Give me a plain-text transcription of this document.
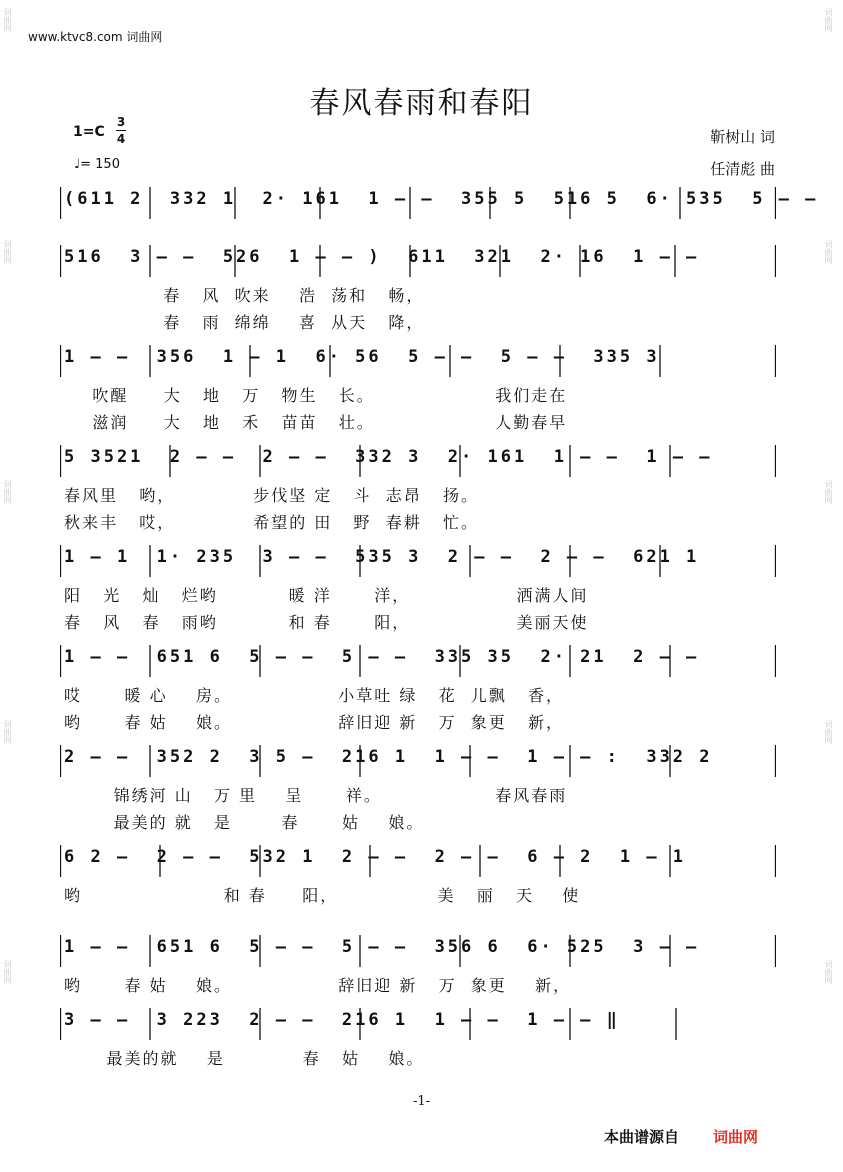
词曲网
词曲网
词曲网
词曲网
词曲网
词曲网
词曲网
词曲网
词曲网
词曲网
www.ktvc8.com 词曲网
春风春雨和春阳
1=C
3
4
♩= 150
靳树山 词
任清彪 曲
(611 2  332 1  2· 161  1 – –  355 5  516 5  6· 535  5 – –
516  3 – –  526  1 – – )  611  321  2· 16  1 – –
春   风  吹来    浩  荡和   畅，
春   雨  绵绵    喜  从天   降，
1 – –  356  1 – 1  6· 56  5 – –  5 – –  335 3
吹醒     大   地   万   物生   长。                 我们走在
滋润     大   地   禾   苗苗   壮。                 人勤春早
5 3521  2 – –  2 – –  332 3  2· 161  1 – –  1 – –
春风里   哟，           步伐坚 定   斗  志昂   扬。
秋来丰   哎，           希望的 田   野  春耕   忙。
1 – 1  1· 235  3 – –  535 3  2 – –  2 – –  621 1
阳   光   灿   烂哟          暖 洋      洋，               洒满人间
春   风   春   雨哟          和 春      阳，               美丽天使
1 – –  651 6  5 – –  5 – –  335 35  2· 21  2 – –
哎      暖 心    房。               小草吐 绿   花  儿飘   香，
哟      春 姑    娘。               辞旧迎 新   万  象更   新，
2 – –  352 2  3 5 –  216 1  1 – –  1 – – :  332 2
锦绣河 山   万 里    呈      祥。                春风春雨
最美的 就   是       春      姑    娘。
6 2 –  2 – –  532 1  2 – –  2 – –  6 – 2  1 – 1
哟                    和 春     阳，              美   丽   天    使
1 – –  651 6  5 – –  5 – –  356 6  6· 525  3 – –
哟      春 姑    娘。               辞旧迎 新   万  象更    新，
3 – –  3 223  2 – –  216 1  1 – –  1 – – ‖
最美的就    是           春   姑    娘。
-1-
本曲谱源自 词曲网
